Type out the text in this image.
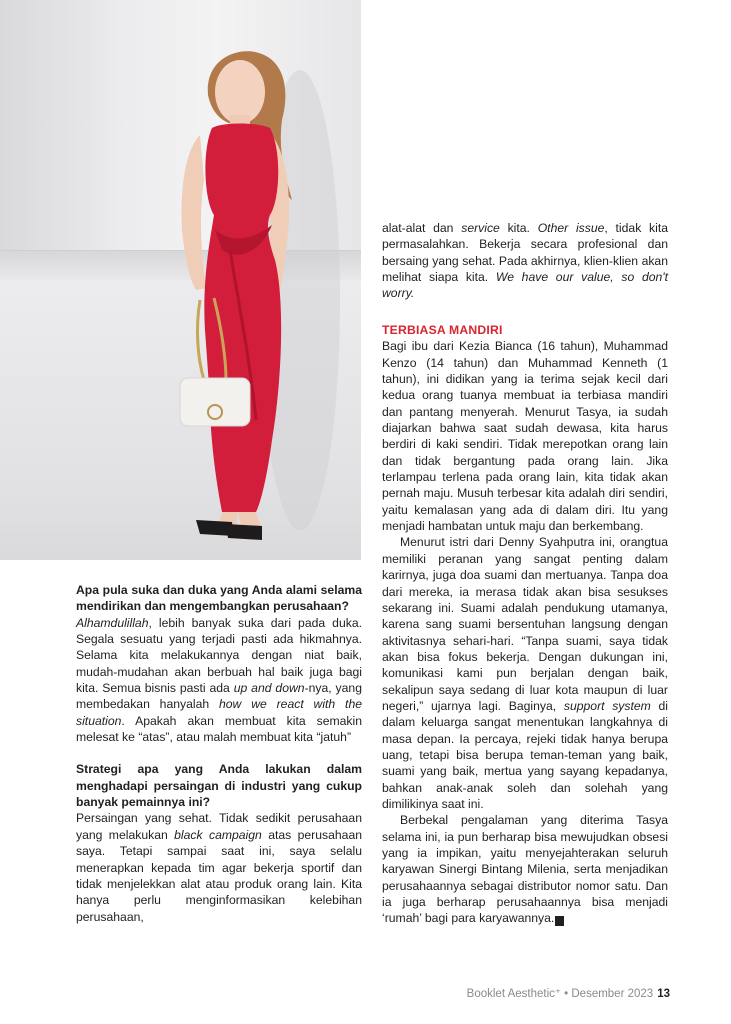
Apa pula suka dan duka yang Anda alami selama mendirikan dan mengembangkan perusahaan?

Alhamdulillah, lebih banyak suka dari pada duka. Segala sesuatu yang terjadi pasti ada hikmahnya. Selama kita melakukannya dengan niat baik, mudah-mudahan akan berbuah hal baik juga bagi kita. Semua bisnis pasti ada up and down-nya, yang membedakan hanyalah how we react with the situation. Apakah akan membuat kita semakin melesat ke “atas”, atau malah membuat kita “jatuh”

Strategi apa yang Anda lakukan dalam menghadapi persaingan di industri yang cukup banyak pemainnya ini?

Persaingan yang sehat. Tidak sedikit perusahaan yang melakukan black campaign atas perusahaan saya. Tetapi sampai saat ini, saya selalu menerapkan kepada tim agar bekerja sportif dan tidak menjelekkan alat atau produk orang lain. Kita hanya perlu menginformasikan kelebihan perusahaan,

alat-alat dan service kita. Other issue, tidak kita permasalahkan. Bekerja secara profesional dan bersaing yang sehat. Pada akhirnya, klien-klien akan melihat siapa kita. We have our value, so don't worry.

TERBIASA MANDIRI

Bagi ibu dari Kezia Bianca (16 tahun), Muhammad Kenzo (14 tahun) dan Muhammad Kenneth (1 tahun), ini didikan yang ia terima sejak kecil dari kedua orang tuanya membuat ia terbiasa mandiri dan pantang menyerah. Menurut Tasya, ia sudah diajarkan bahwa saat sudah dewasa, kita harus berdiri di kaki sendiri. Tidak merepotkan orang lain dan tidak bergantung pada orang lain. Jika terlampau terlena pada orang lain, kita tidak akan pernah maju. Musuh terbesar kita adalah diri sendiri, yaitu kemalasan yang ada di dalam diri. Itu yang menjadi hambatan untuk maju dan berkembang.

Menurut istri dari Denny Syahputra ini, orangtua memiliki peranan yang sangat penting dalam karirnya, juga doa suami dan mertuanya. Tanpa doa dari mereka, ia merasa tidak akan bisa sesukses sekarang ini. Suami adalah pendukung utamanya, karena sang suami bersentuhan langsung dengan aktivitasnya sehari-hari. “Tanpa suami, saya tidak akan bisa fokus bekerja. Dengan dukungan ini, komunikasi kami pun berjalan dengan baik, sekalipun saya sedang di luar kota maupun di luar negeri,” ujarnya lagi. Baginya, support system di dalam keluarga sangat menentukan langkahnya di masa depan. Ia percaya, rejeki tidak hanya berupa uang, tetapi bisa berupa teman-teman yang baik, suami yang baik, mertua yang sayang kepadanya, bahkan anak-anak soleh dan solehah yang dimilikinya saat ini.

Berbekal pengalaman yang diterima Tasya selama ini, ia pun berharap bisa mewujudkan obsesi yang ia impikan, yaitu menyejahterakan seluruh karyawan Sinergi Bintang Milenia, serta menjadikan perusahaannya sebagai distributor nomor satu. Dan ia juga berharap perusahaannya bisa menjadi ‘rumah’ bagi para karyawannya. a

Booklet Aesthetic⁺ • Desember 2023 13
